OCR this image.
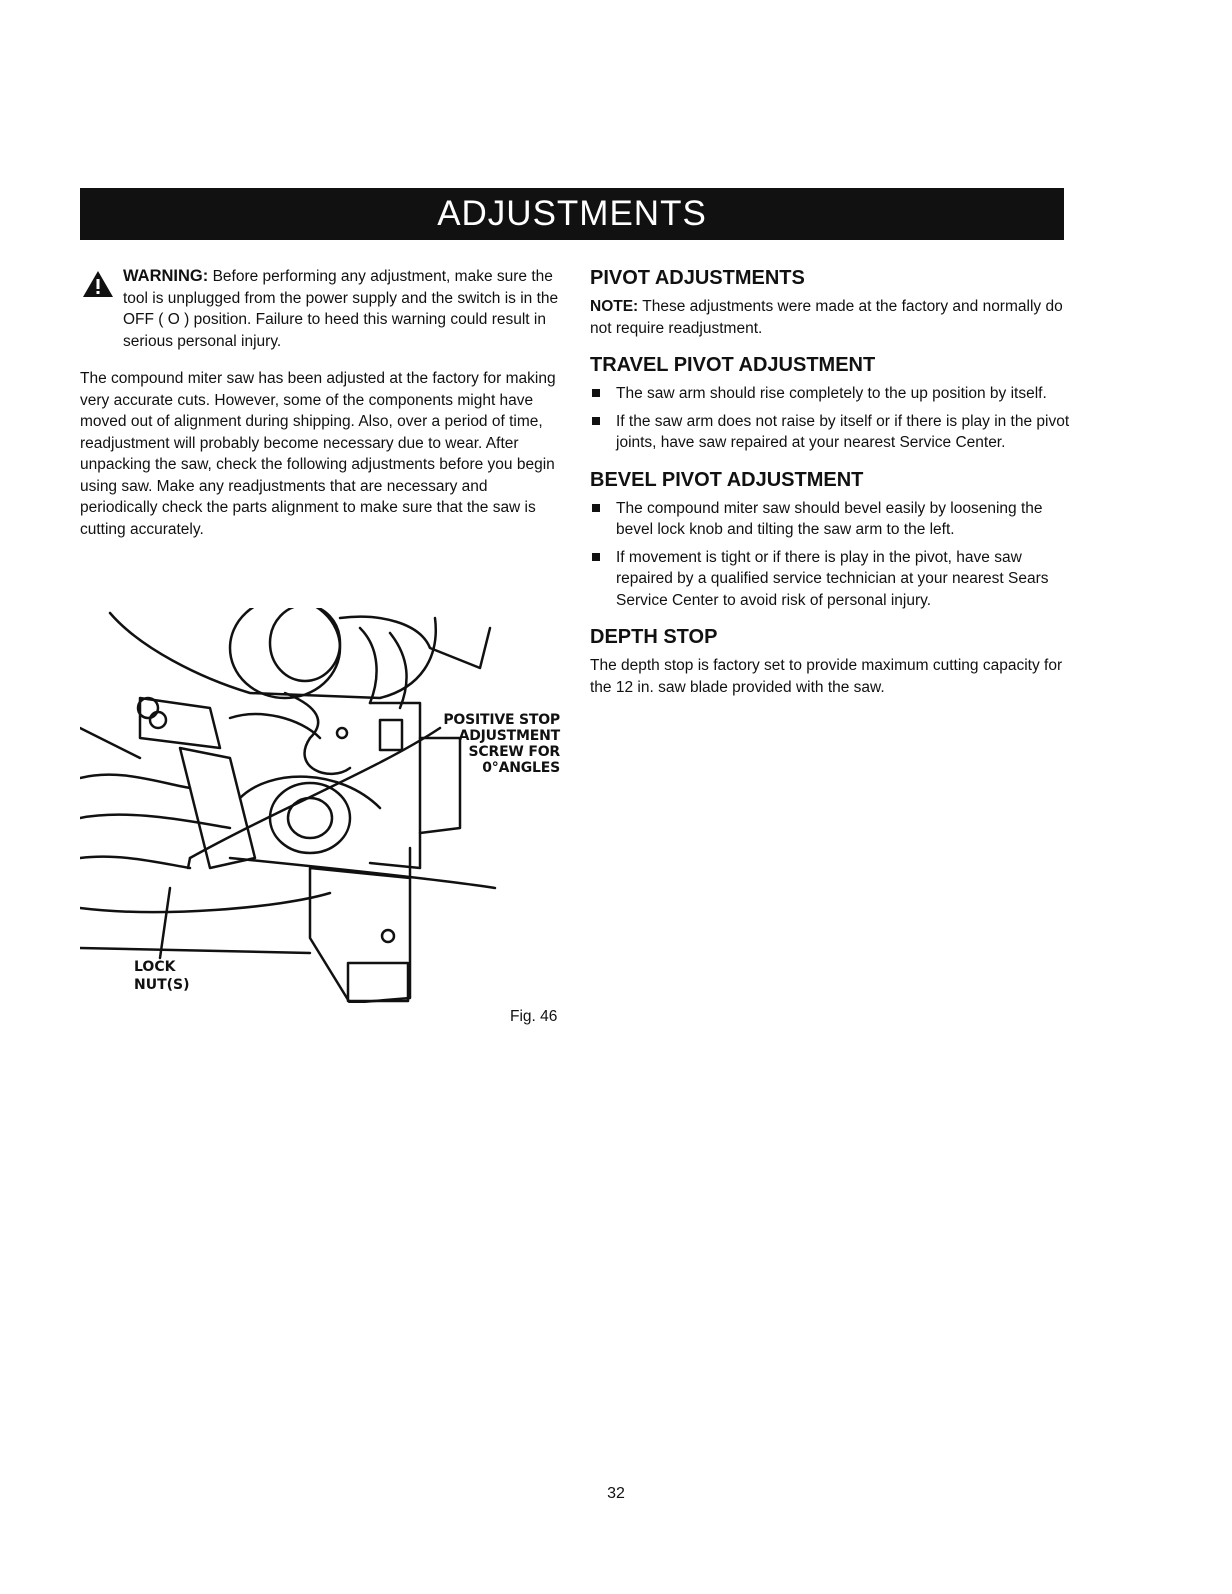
ADJUSTMENTS
WARNING: Before performing any adjustment, make sure the tool is unplugged from the power supply and the switch is in the OFF ( O ) position. Failure to heed this warning could result in serious personal injury.
The compound miter saw has been adjusted at the factory for making very accurate cuts. However, some of the components might have moved out of alignment during shipping. Also, over a period of time, readjustment will probably become necessary due to wear. After unpacking the saw, check the following adjustments before you begin using saw. Make any readjustments that are necessary and periodically check the parts alignment to make sure that the saw is cutting accurately.
POSITIVE STOP
ADJUSTMENT
SCREW FOR
0°ANGLES
LOCK
NUT(S)
Fig. 46
PIVOT ADJUSTMENTS
NOTE: These adjustments were made at the factory and normally do not require readjustment.
TRAVEL PIVOT ADJUSTMENT
The saw arm should rise completely to the up position by itself.
If the saw arm does not raise by itself or if there is play in the pivot joints, have saw repaired at your nearest Service Center.
BEVEL PIVOT ADJUSTMENT
The compound miter saw should bevel easily by loosening the bevel lock knob and tilting the saw arm to the left.
If movement is tight or if there is play in the pivot, have saw repaired by a qualified service technician at your nearest Sears Service Center to avoid risk of personal injury.
DEPTH STOP
The depth stop is factory set to provide maximum cutting capacity for the 12 in. saw blade provided with the saw.
32
